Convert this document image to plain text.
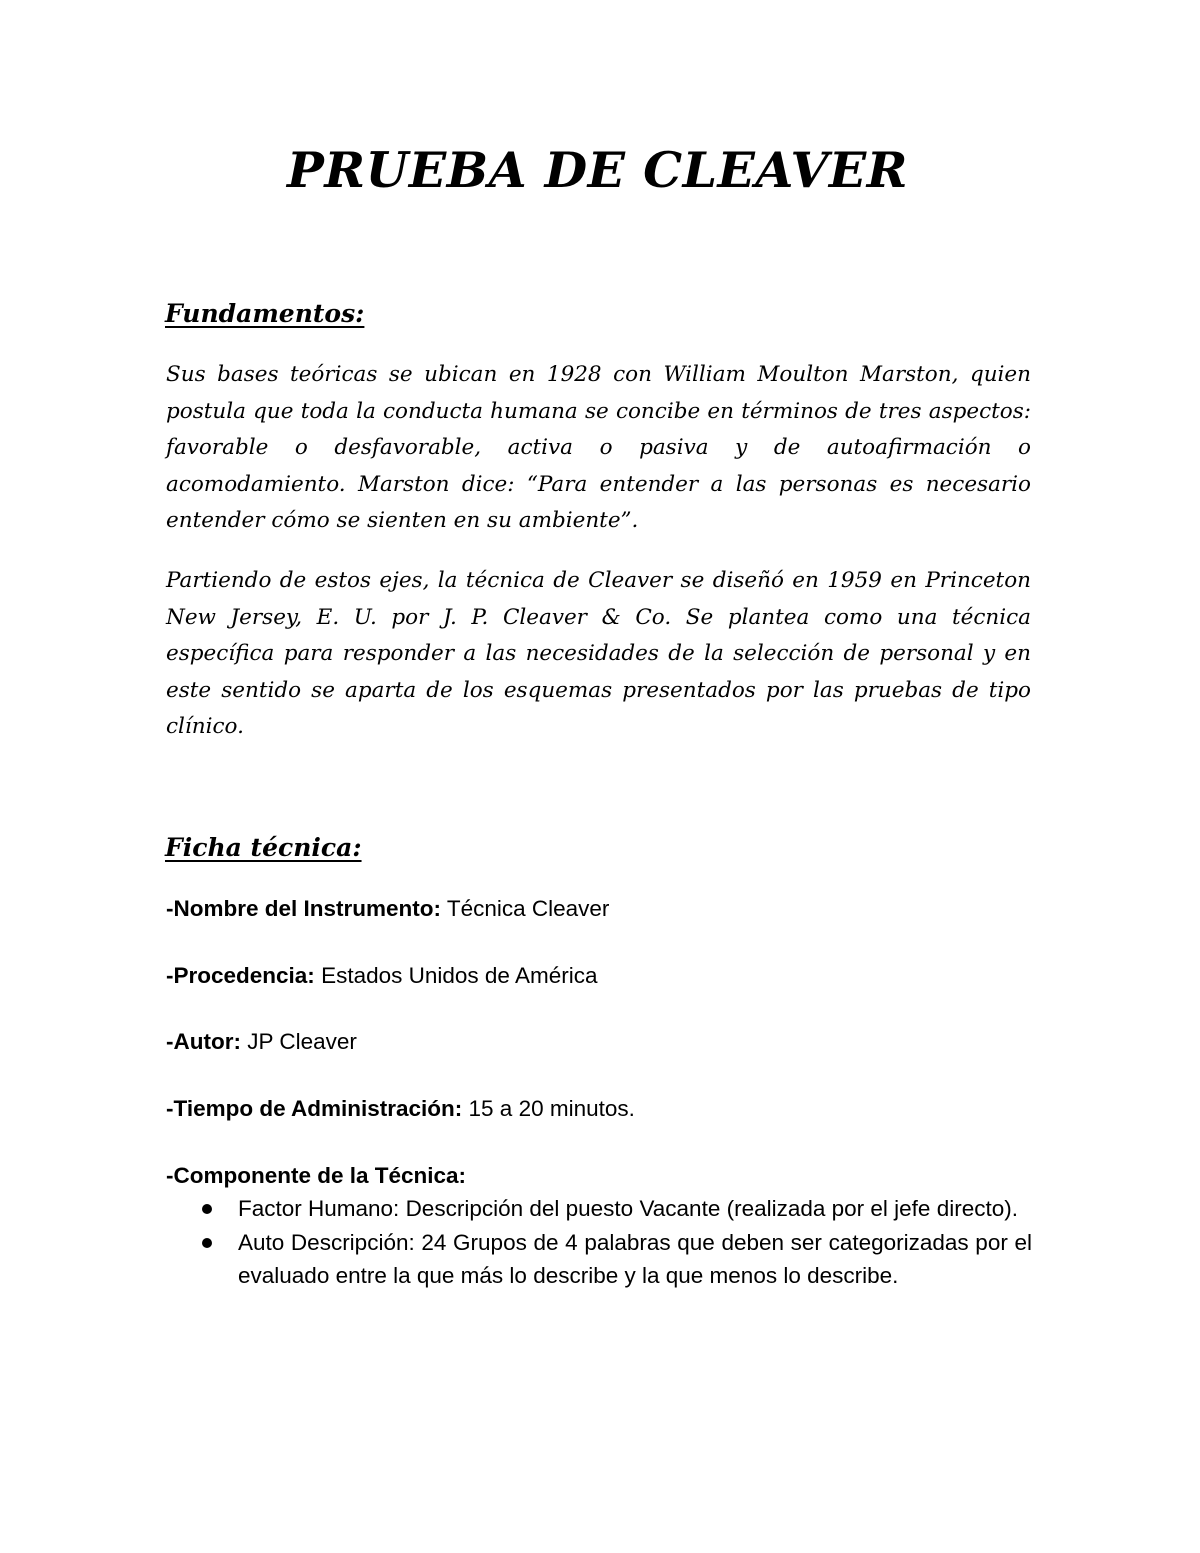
PRUEBA DE CLEAVER
Fundamentos:

Sus bases teóricas se ubican en 1928 con William Moulton Marston, quien postula que toda la conducta humana se concibe en términos de tres aspectos: favorable o desfavorable, activa o pasiva y de autoafirmación o acomodamiento. Marston dice: “Para entender a las personas es necesario entender cómo se sienten en su ambiente”.

Partiendo de estos ejes, la técnica de Cleaver se diseñó en 1959 en Princeton New Jersey, E. U. por J. P. Cleaver & Co. Se plantea como una técnica específica para responder a las necesidades de la selección de personal y en este sentido se aparta de los esquemas presentados por las pruebas de tipo clínico.

Ficha técnica:

-Nombre del Instrumento: Técnica Cleaver

-Procedencia: Estados Unidos de América

-Autor: JP Cleaver

-Tiempo de Administración: 15 a 20 minutos.

-Componente de la Técnica:

Factor Humano: Descripción del puesto Vacante (realizada por el jefe directo).
Auto Descripción: 24 Grupos de 4 palabras que deben ser categorizadas por el evaluado entre la que más lo describe y la que menos lo describe.
